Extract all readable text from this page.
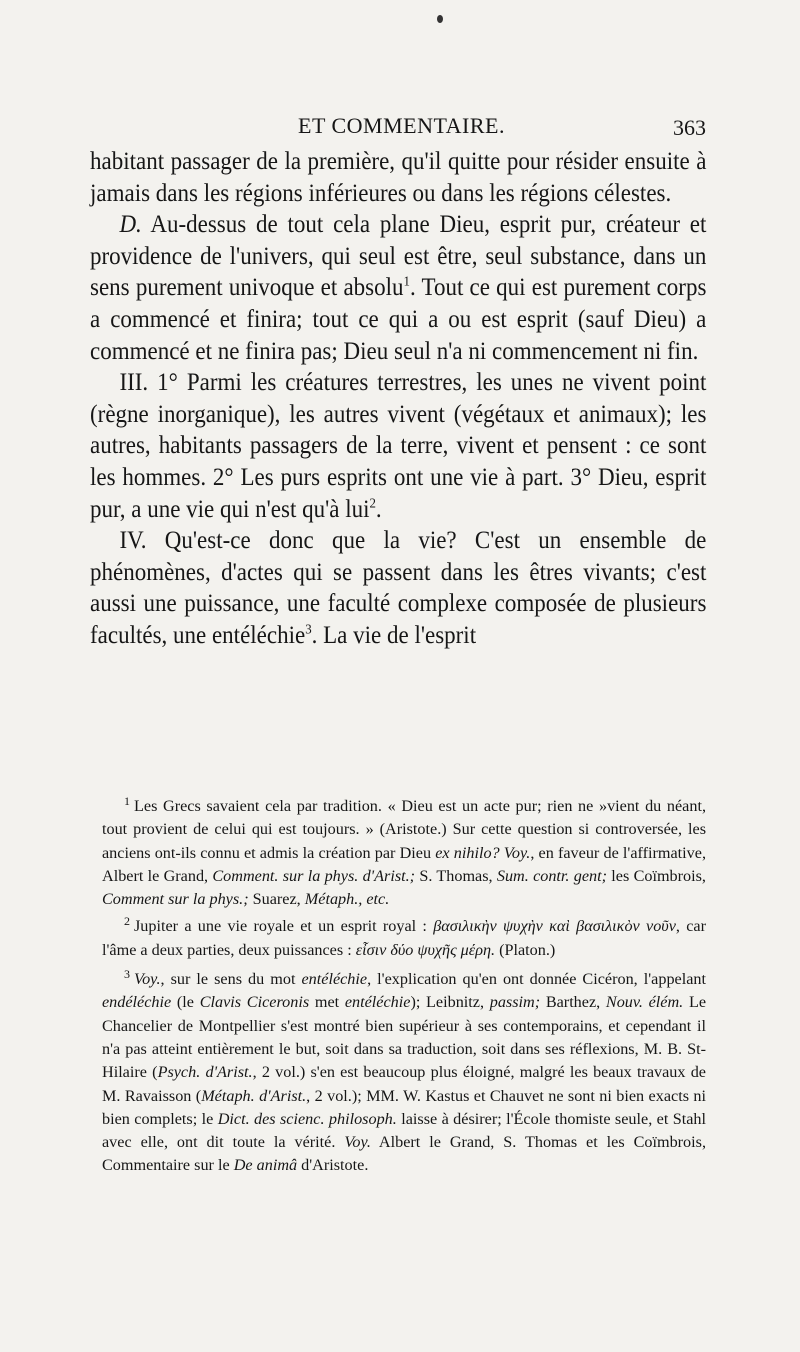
ET COMMENTAIRE.	363

habitant passager de la première, qu'il quitte pour résider ensuite à jamais dans les régions inférieures ou dans les régions célestes.

D. Au-dessus de tout cela plane Dieu, esprit pur, créateur et providence de l'univers, qui seul est être, seul substance, dans un sens purement univoque et absolu$^1$. Tout ce qui est purement corps a commencé et finira; tout ce qui a ou est esprit (sauf Dieu) a commencé et ne finira pas; Dieu seul n'a ni commencement ni fin.

III. 1° Parmi les créatures terrestres, les unes ne vivent point (règne inorganique), les autres vivent (végétaux et animaux); les autres, habitants passagers de la terre, vivent et pensent : ce sont les hommes. 2° Les purs esprits ont une vie à part. 3° Dieu, esprit pur, a une vie qui n'est qu'à lui$^2$.

IV. Qu'est-ce donc que la vie? C'est un ensemble de phénomènes, d'actes qui se passent dans les êtres vivants; c'est aussi une puissance, une faculté complexe composée de plusieurs facultés, une entéléchie$^3$. La vie de l'esprit

$^1$ Les Grecs savaient cela par tradition. « Dieu est un acte pur; rien ne »vient du néant, tout provient de celui qui est toujours. » (Aristote.) Sur cette question si controversée, les anciens ont-ils connu et admis la création par Dieu ex nihilo? Voy., en faveur de l'affirmative, Albert le Grand, Comment. sur la phys. d'Arist.; S. Thomas, Sum. contr. gent; les Coïmbrois, Comment sur la phys.; Suarez, Métaph., etc.

$^2$ Jupiter a une vie royale et un esprit royal : βασιλικὴν ψυχὴν καὶ βασιλικὸν νοῦν, car l'âme a deux parties, deux puissances : εἶσιν δύο ψυχῆς μέρη. (Platon.)

$^3$ Voy., sur le sens du mot entéléchie, l'explication qu'en ont donnée Cicéron, l'appelant endéléchie (le Clavis Ciceronis met entéléchie); Leibnitz, passim; Barthez, Nouv. élém. Le Chancelier de Montpellier s'est montré bien supérieur à ses contemporains, et cependant il n'a pas atteint entièrement le but, soit dans sa traduction, soit dans ses réflexions, M. B. St-Hilaire (Psych. d'Arist., 2 vol.) s'en est beaucoup plus éloigné, malgré les beaux travaux de M. Ravaisson (Métaph. d'Arist., 2 vol.); MM. W. Kastus et Chauvet ne sont ni bien exacts ni bien complets; le Dict. des scienc. philosoph. laisse à désirer; l'École thomiste seule, et Stahl avec elle, ont dit toute la vérité. Voy. Albert le Grand, S. Thomas et les Coïmbrois, Commentaire sur le De animâ d'Aristote.
